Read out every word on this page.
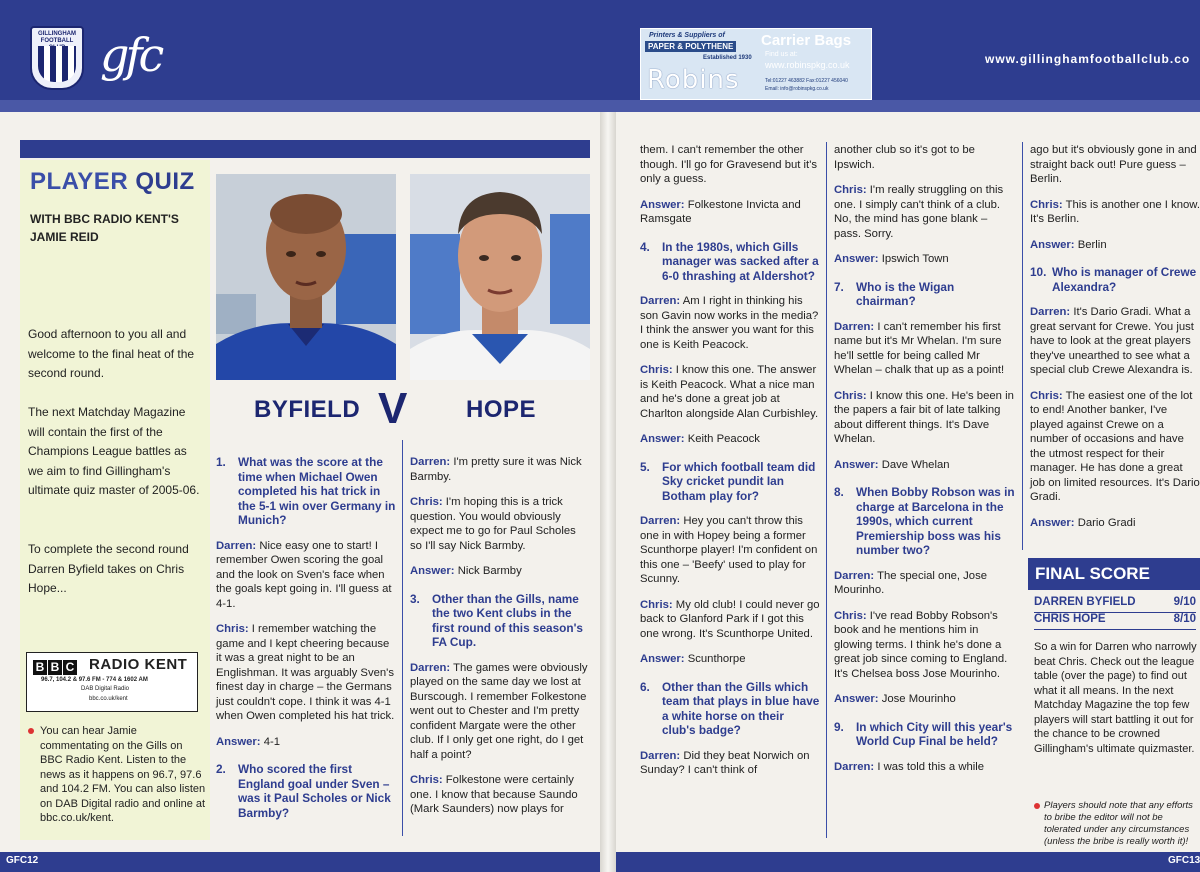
GILLINGHAM FOOTBALL gfc	Printers & Suppliers of
PAPER & POLYTHENE
Established 1930
Carrier Bags
Find us at:
www.robinspkg.co.uk
Robins	Tel:01227 463882 Fax:01227 456040
Email: info@robinspkg.co.uk
www.gillinghamfootballclub.co
PLAYER QUIZ
WITH BBC RADIO KENT'S JAMIE REID
Good afternoon to you all and welcome to the final heat of the second round.
The next Matchday Magazine will contain the first of the Champions League battles as we aim to find Gillingham's ultimate quiz master of 2005-06.
To complete the second round Darren Byfield takes on Chris Hope...
B B C RADIO KENT
96.7, 104.2 & 97.6 FM - 774 & 1602 AM
DAB Digital Radio
bbc.co.uk/kent
You can hear Jamie commentating on the Gills on BBC Radio Kent. Listen to the news as it happens on 96.7, 97.6 and 104.2 FM. You can also listen on DAB Digital radio and online at bbc.co.uk/kent.
BYFIELD V HOPE
1.	What was the score at the time when Michael Owen completed his hat trick in the 5-1 win over Germany in Munich?

Darren: Nice easy one to start! I remember Owen scoring the goal and the look on Sven's face when the goals kept going in. I'll guess at 4-1.

Chris: I remember watching the game and I kept cheering because it was a great night to be an Englishman. It was arguably Sven's finest day in charge – the Germans just couldn't cope. I think it was 4-1 when Owen completed his hat trick.

Answer: 4-1

2.	Who scored the first England goal under Sven – was it Paul Scholes or Nick Barmby?

Darren: I'm pretty sure it was Nick Barmby.

Chris: I'm hoping this is a trick question. You would obviously expect me to go for Paul Scholes so I'll say Nick Barmby.

Answer: Nick Barmby

3.	Other than the Gills, name the two Kent clubs in the first round of this season's FA Cup.

Darren: The games were obviously played on the same day we lost at Burscough. I remember Folkestone went out to Chester and I'm pretty confident Margate were the other club. If I only get one right, do I get half a point?

Chris: Folkestone were certainly one. I know that because Saundo (Mark Saunders) now plays for

them. I can't remember the other though. I'll go for Gravesend but it's only a guess.

Answer: Folkestone Invicta and Ramsgate

4.	In the 1980s, which Gills manager was sacked after a 6-0 thrashing at Aldershot?

Darren: Am I right in thinking his son Gavin now works in the media? I think the answer you want for this one is Keith Peacock.

Chris: I know this one. The answer is Keith Peacock. What a nice man and he's done a great job at Charlton alongside Alan Curbishley.

Answer: Keith Peacock

5.	For which football team did Sky cricket pundit Ian Botham play for?

Darren: Hey you can't throw this one in with Hopey being a former Scunthorpe player! I'm confident on this one – 'Beefy' used to play for Scunny.

Chris: My old club! I could never go back to Glanford Park if I got this one wrong. It's Scunthorpe United.

Answer: Scunthorpe

6.	Other than the Gills which team that plays in blue have a white horse on their club's badge?

Darren: Did they beat Norwich on Sunday? I can't think of

another club so it's got to be Ipswich.

Chris: I'm really struggling on this one. I simply can't think of a club. No, the mind has gone blank – pass. Sorry.

Answer: Ipswich Town

7.	Who is the Wigan chairman?

Darren: I can't remember his first name but it's Mr Whelan. I'm sure he'll settle for being called Mr Whelan – chalk that up as a point!

Chris: I know this one. He's been in the papers a fair bit of late talking about different things. It's Dave Whelan.

Answer: Dave Whelan

8.	When Bobby Robson was in charge at Barcelona in the 1990s, which current Premiership boss was his number two?

Darren: The special one, Jose Mourinho.

Chris: I've read Bobby Robson's book and he mentions him in glowing terms. I think he's done a great job since coming to England. It's Chelsea boss Jose Mourinho.

Answer: Jose Mourinho

9.	In which City will this year's World Cup Final be held?

Darren: I was told this a while

ago but it's obviously gone in and straight back out! Pure guess – Berlin.

Chris: This is another one I know. It's Berlin.

Answer: Berlin

10. Who is manager of Crewe Alexandra?

Darren: It's Dario Gradi. What a great servant for Crewe. You just have to look at the great players they've unearthed to see what a special club Crewe Alexandra is.

Chris: The easiest one of the lot to end! Another banker, I've played against Crewe on a number of occasions and have the utmost respect for their manager. He has done a great job on limited resources. It's Dario Gradi.

Answer: Dario Gradi

FINAL SCORE
DARREN BYFIELD	9/10
CHRIS HOPE	8/10
So a win for Darren who narrowly beat Chris. Check out the league table (over the page) to find out what it all means. In the next Matchday Magazine the top few players will start battling it out for the chance to be crowned Gillingham's ultimate quizmaster.
Players should note that any efforts to bribe the editor will not be tolerated under any circumstances (unless the bribe is really worth it)!
GFC12	GFC13
